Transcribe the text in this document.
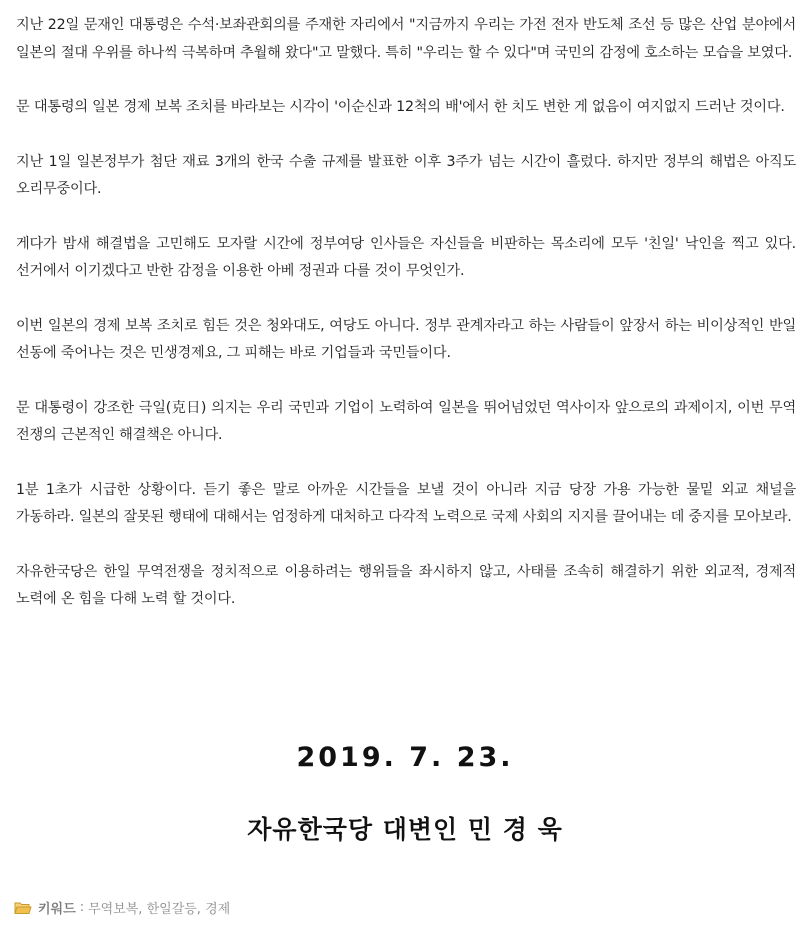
지난 22일 문재인 대통령은 수석·보좌관회의를 주재한 자리에서 "지금까지 우리는 가전 전자 반도체 조선 등 많은 산업 분야에서 일본의 절대 우위를 하나씩 극복하며 추월해 왔다"고 말했다. 특히 "우리는 할 수 있다"며 국민의 감정에 호소하는 모습을 보였다.

문 대통령의 일본 경제 보복 조치를 바라보는 시각이 '이순신과 12척의 배'에서 한 치도 변한 게 없음이 여지없지 드러난 것이다.

지난 1일 일본정부가 첨단 재료 3개의 한국 수출 규제를 발표한 이후 3주가 넘는 시간이 흘렀다. 하지만 정부의 해법은 아직도 오리무중이다.

게다가 밤새 해결법을 고민해도 모자랄 시간에 정부여당 인사들은 자신들을 비판하는 목소리에 모두 '친일' 낙인을 찍고 있다. 선거에서 이기겠다고 반한 감정을 이용한 아베 정권과 다를 것이 무엇인가.

이번 일본의 경제 보복 조치로 힘든 것은 청와대도, 여당도 아니다. 정부 관계자라고 하는 사람들이 앞장서 하는 비이상적인 반일 선동에 죽어나는 것은 민생경제요, 그 피해는 바로 기업들과 국민들이다.

문 대통령이 강조한 극일(克日) 의지는 우리 국민과 기업이 노력하여 일본을 뛰어넘었던 역사이자 앞으로의 과제이지, 이번 무역 전쟁의 근본적인 해결책은 아니다.

1분 1초가 시급한 상황이다. 듣기 좋은 말로 아까운 시간들을 보낼 것이 아니라 지금 당장 가용 가능한 물밑 외교 채널을 가동하라. 일본의 잘못된 행태에 대해서는 엄정하게 대처하고 다각적 노력으로 국제 사회의 지지를 끌어내는 데 중지를 모아보라.

자유한국당은 한일 무역전쟁을 정치적으로 이용하려는 행위들을 좌시하지 않고, 사태를 조속히 해결하기 위한 외교적, 경제적 노력에 온 힘을 다해 노력 할 것이다.

2019. 7. 23.
자유한국당 대변인 민 경 욱
키워드 : 무역보복, 한일갈등, 경제
